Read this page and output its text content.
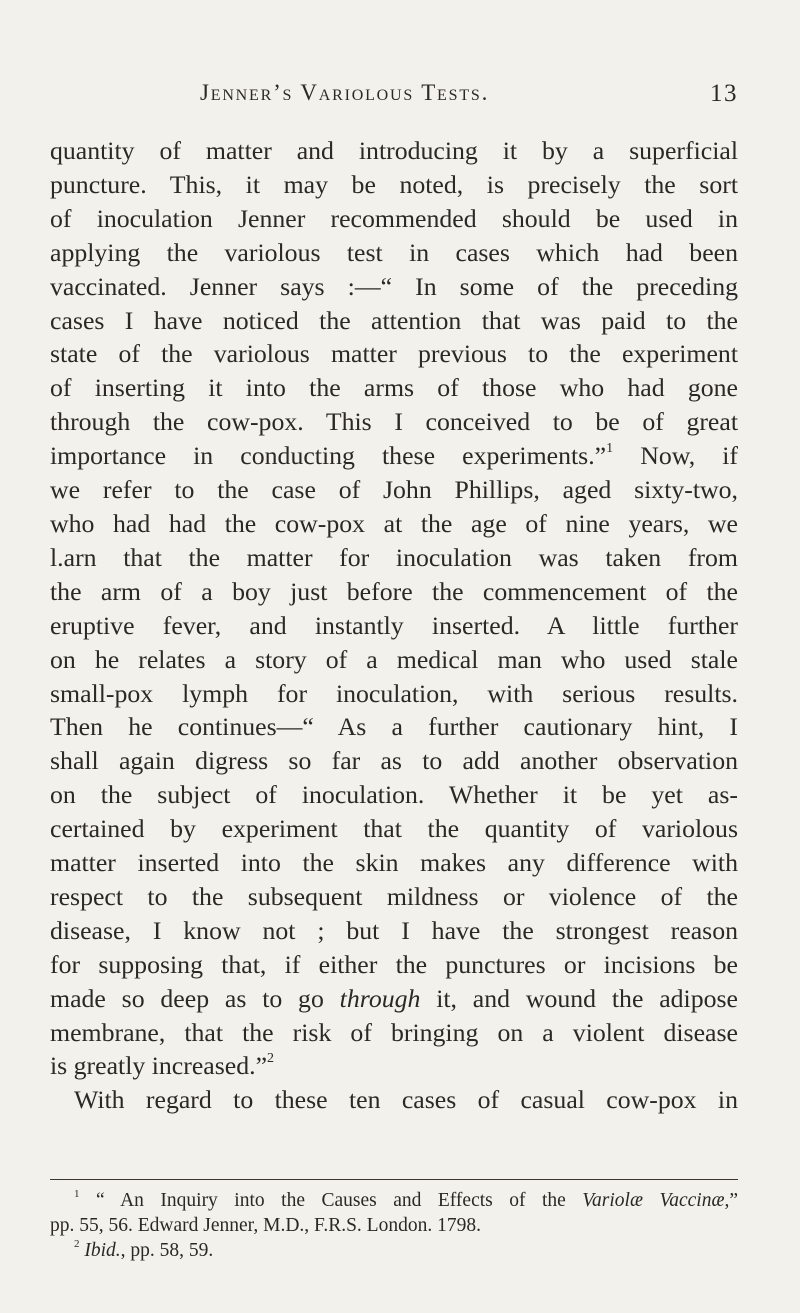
Jenner’s Variolous Tests.	13
quantity of matter and introducing it by a superficial
puncture. This, it may be noted, is precisely the sort
of inoculation Jenner recommended should be used in
applying the variolous test in cases which had been
vaccinated. Jenner says :—“ In some of the preceding
cases I have noticed the attention that was paid to the
state of the variolous matter previous to the experiment
of inserting it into the arms of those who had gone
through the cow-pox. This I conceived to be of great
importance in conducting these experiments.”$^1$ Now, if
we refer to the case of John Phillips, aged sixty-two,
who had had the cow-pox at the age of nine years, we
l.arn that the matter for inoculation was taken from
the arm of a boy just before the commencement of the
eruptive fever, and instantly inserted. A little further
on he relates a story of a medical man who used stale
small-pox lymph for inoculation, with serious results.
Then he continues—“ As a further cautionary hint, I
shall again digress so far as to add another observation
on the subject of inoculation. Whether it be yet as-
certained by experiment that the quantity of variolous
matter inserted into the skin makes any difference with
respect to the subsequent mildness or violence of the
disease, I know not ; but I have the strongest reason
for supposing that, if either the punctures or incisions be
made so deep as to go through it, and wound the adipose
membrane, that the risk of bringing on a violent disease
is greatly increased.”$^2$
With regard to these ten cases of casual cow-pox in
$^1$ “ An Inquiry into the Causes and Effects of the Variolæ Vaccinæ,”
pp. 55, 56. Edward Jenner, M.D., F.R.S. London. 1798.
$^2$ Ibid., pp. 58, 59.
